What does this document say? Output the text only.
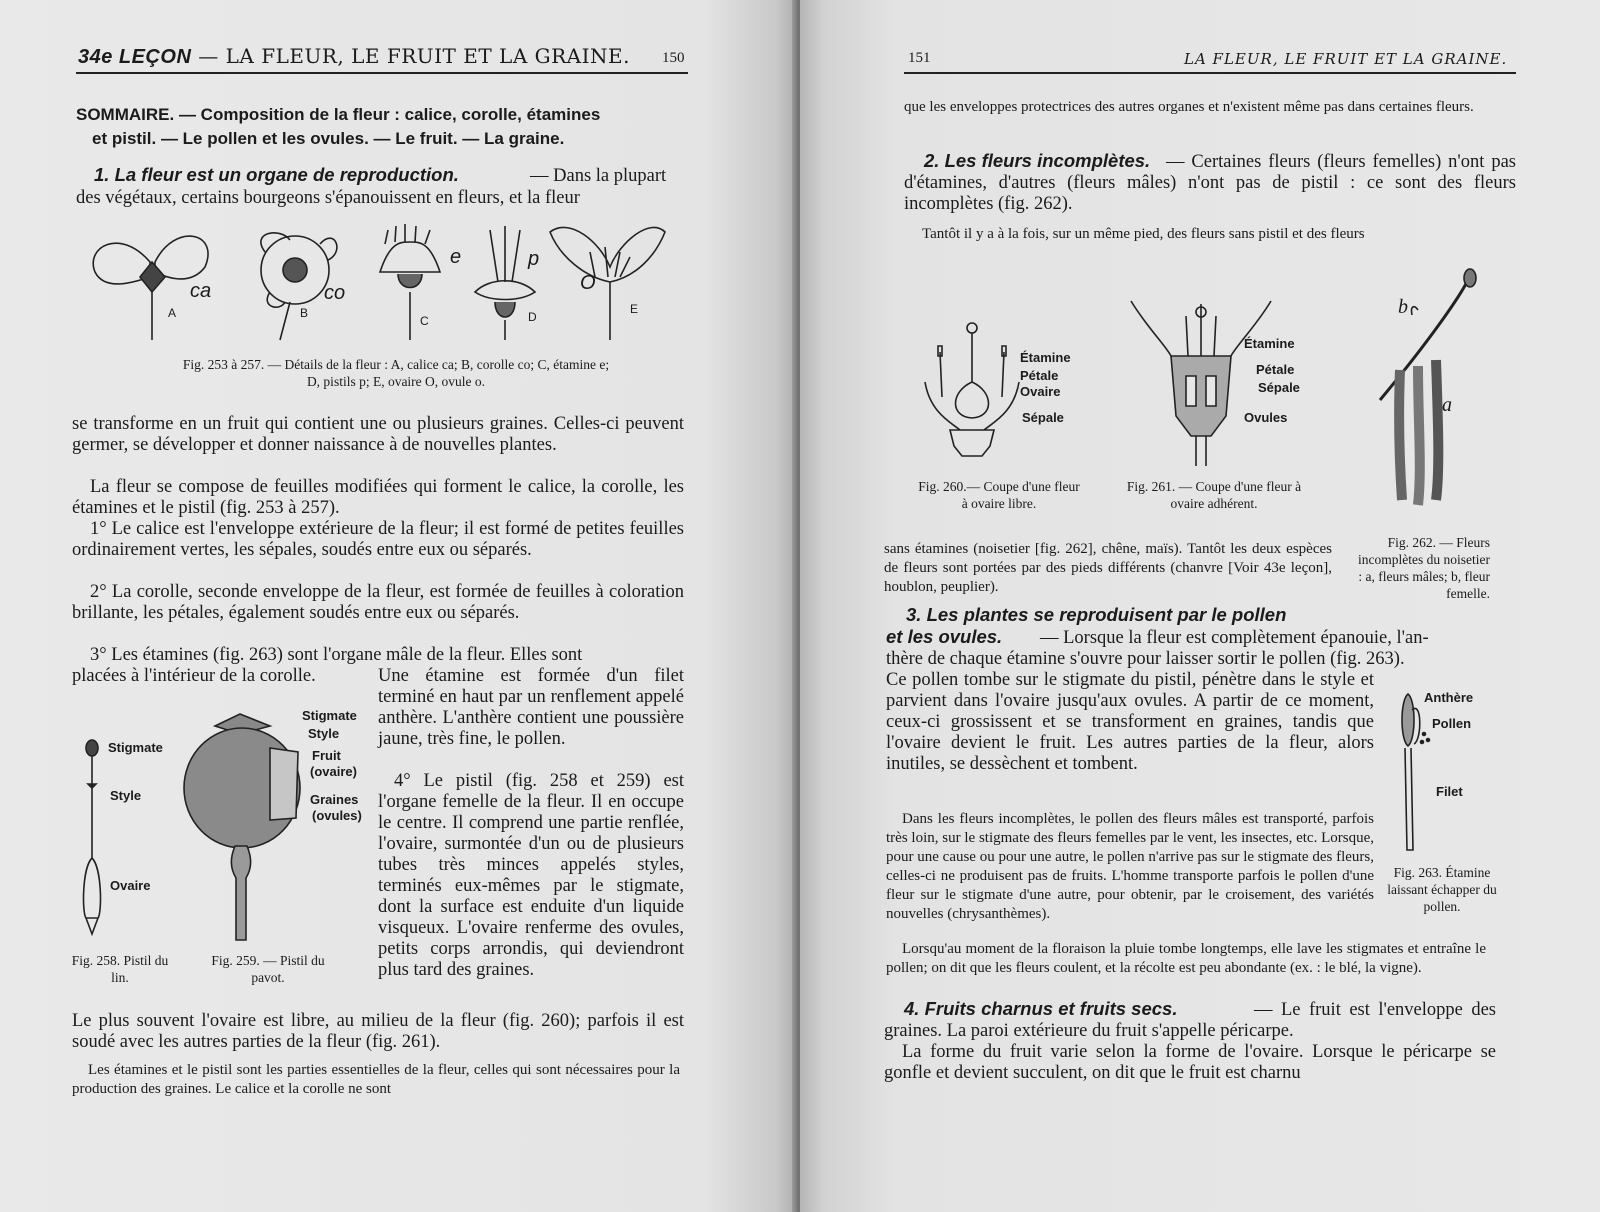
34e LEÇON — LA FLEUR, LE FRUIT ET LA GRAINE. 150
SOMMAIRE. — Composition de la fleur : calice, corolle, étamines
et pistil. — Le pollen et les ovules. — Le fruit. — La graine.
1. La fleur est un organe de reproduction.	— Dans la plupart
des végétaux, certains bourgeons s'épanouissent en fleurs, et la fleur
ca	co
e	p
O
A	B
C	D
E
Fig. 253 à 257. — Détails de la fleur : A, calice ca; B, corolle co; C, étamine e;
D, pistils p; E, ovaire O, ovule o.
se transforme en un fruit qui contient une ou plusieurs graines. Celles-ci peuvent germer, se développer et donner naissance à de nouvelles plantes.
La fleur se compose de feuilles modifiées qui forment le calice, la corolle, les étamines et le pistil (fig. 253 à 257).
1° Le calice est l'enveloppe extérieure de la fleur; il est formé de petites feuilles ordinairement vertes, les sépales, soudés entre eux ou séparés.
2° La corolle, seconde enveloppe de la fleur, est formée de feuilles à coloration brillante, les pétales, également soudés entre eux ou séparés.
3° Les étamines (fig. 263) sont l'organe mâle de la fleur. Elles sont
placées à l'intérieur de la corolle.	Une étamine est formée d'un filet terminé en haut par un renflement appelé anthère. L'anthère contient une poussière jaune, très fine, le pollen.
4° Le pistil (fig. 258 et 259) est l'organe femelle de la fleur. Il en occupe le centre. Il comprend une partie renflée, l'ovaire, surmontée d'un ou de plusieurs tubes très minces appelés styles, terminés eux-mêmes par le stigmate, dont la surface est enduite d'un liquide visqueux. L'ovaire renferme des ovules, petits corps arrondis, qui deviendront plus tard des graines.
Stigmate
Style
Ovaire
Fig. 258. Pistil du lin.
Stigmate
Style
Fruit
(ovaire)
Graines
(ovules)
Fig. 259. — Pistil du pavot.
Le plus souvent l'ovaire est libre, au milieu de la fleur (fig. 260); parfois il est soudé avec les autres parties de la fleur (fig. 261).
Les étamines et le pistil sont les parties essentielles de la fleur, celles qui sont nécessaires pour la production des graines. Le calice et la corolle ne sont
151	LA FLEUR, LE FRUIT ET LA GRAINE.
que les enveloppes protectrices des autres organes et n'existent même pas dans certaines fleurs.
2. Les fleurs incomplètes. — Certaines fleurs (fleurs femelles) n'ont pas d'étamines, d'autres (fleurs mâles) n'ont pas de pistil : ce sont des fleurs incomplètes (fig. 262).
Tantôt il y a à la fois, sur un même pied, des fleurs sans pistil et des fleurs
Étamine
Pétale
Ovaire
Sépale
Fig. 260.— Coupe d'une fleur à ovaire libre.
Étamine
Pétale
Sépale
Ovules
Fig. 261. — Coupe d'une fleur à ovaire adhérent.
b
a
Fig. 262. — Fleurs incomplètes du noisetier : a, fleurs mâles; b, fleur femelle.
sans étamines (noisetier [fig. 262], chêne, maïs). Tantôt les deux espèces de fleurs sont portées par des pieds différents (chanvre [Voir 43e leçon], houblon, peuplier).
3. Les plantes se reproduisent par le pollen
et les ovules. — Lorsque la fleur est complètement épanouie, l'an-
thère de chaque étamine s'ouvre pour laisser sortir le pollen (fig. 263).
Ce pollen tombe sur le stigmate du pistil, pénètre dans le style et parvient dans l'ovaire jusqu'aux ovules. A partir de ce moment, ceux-ci grossissent et se transforment en graines, tandis que l'ovaire devient le fruit. Les autres parties de la fleur, alors inutiles, se dessèchent et tombent.
Dans les fleurs incomplètes, le pollen des fleurs mâles est transporté, parfois très loin, sur le stigmate des fleurs femelles par le vent, les insectes, etc. Lorsque, pour une cause ou pour une autre, le pollen n'arrive pas sur le stigmate des fleurs, celles-ci ne produisent pas de fruits. L'homme transporte parfois le pollen d'une fleur sur le stigmate d'une autre, pour obtenir, par le croisement, des variétés nouvelles (chrysanthèmes).
Lorsqu'au moment de la floraison la pluie tombe longtemps, elle lave les stigmates et entraîne le pollen; on dit que les fleurs coulent, et la récolte est peu abondante (ex. : le blé, la vigne).
Anthère
Pollen
Filet
Fig. 263. Étamine laissant échapper du pollen.
4. Fruits charnus et fruits secs.	— Le fruit est l'enveloppe des graines. La paroi extérieure du fruit s'appelle péricarpe.
La forme du fruit varie selon la forme de l'ovaire. Lorsque le péricarpe se gonfle et devient succulent, on dit que le fruit est charnu
